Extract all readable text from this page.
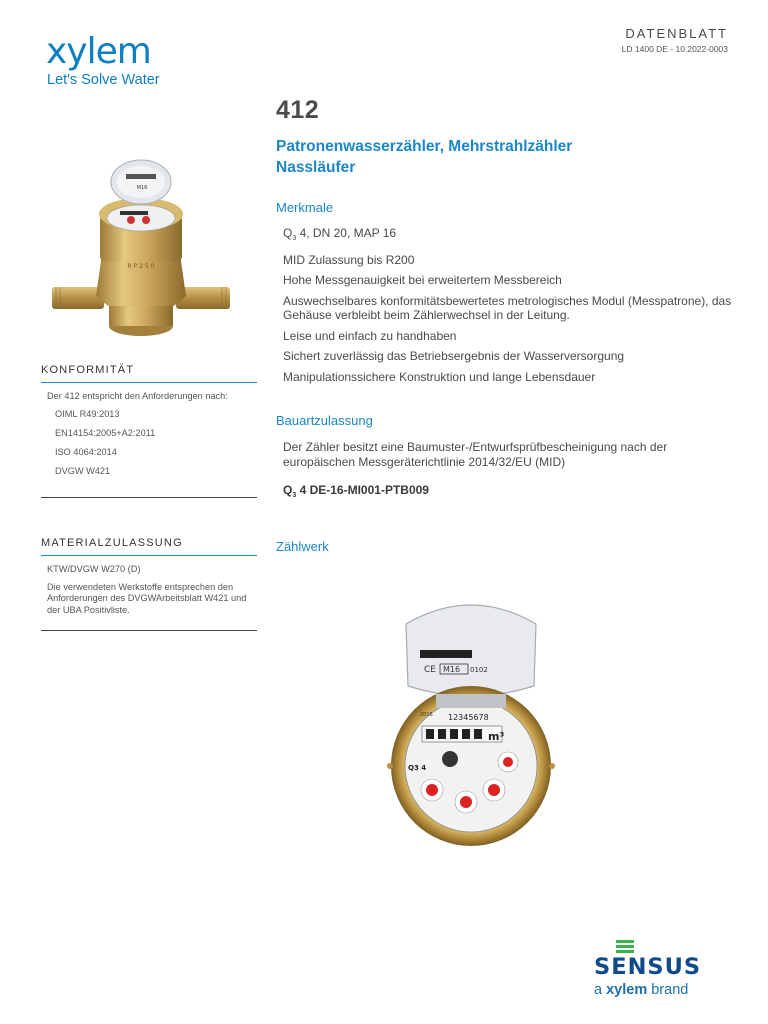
xylem
Let's Solve Water
DATENBLATT
LD 1400 DE - 10.2022-0003
M16
R P 2 5 0
KONFORMITÄT
Der 412 entspricht den Anforderungen nach:
OIML R49:2013
EN14154:2005+A2:2011
ISO 4064:2014
DVGW W421
MATERIALZULASSUNG
KTW/DVGW W270 (D)
Die verwendeten Werkstoffe entsprechen den Anforderungen des DVGWArbeitsblatt W421 und der UBA Positivliste.
412
Patronenwasserzähler, Mehrstrahlzähler
Nassläufer
Merkmale
$Q_3$ 4, DN 20, MAP 16
MID Zulassung bis R200
Hohe Messgenauigkeit bei erweitertem Messbereich
Auswechselbares konformitätsbewertetes metrologisches Modul (Messpatrone), das Gehäuse verbleibt beim Zählerwechsel in der Leitung.
Leise und einfach zu handhaben
Sichert zuverlässig das Betriebsergebnis der Wasserversorgung
Manipulationssichere Konstruktion und lange Lebensdauer
Bauartzulassung
Der Zähler besitzt eine Baumuster-/Entwurfsprüfbescheinigung nach der europäischen Messgeräterichtlinie 2014/32/EU (MID)
$Q_3$ 4 DE-16-MI001-PTB009
Zählwerk
CE M16 0102
12345678
2016
m³
Q3 4
SENSUS
a xylem brand
